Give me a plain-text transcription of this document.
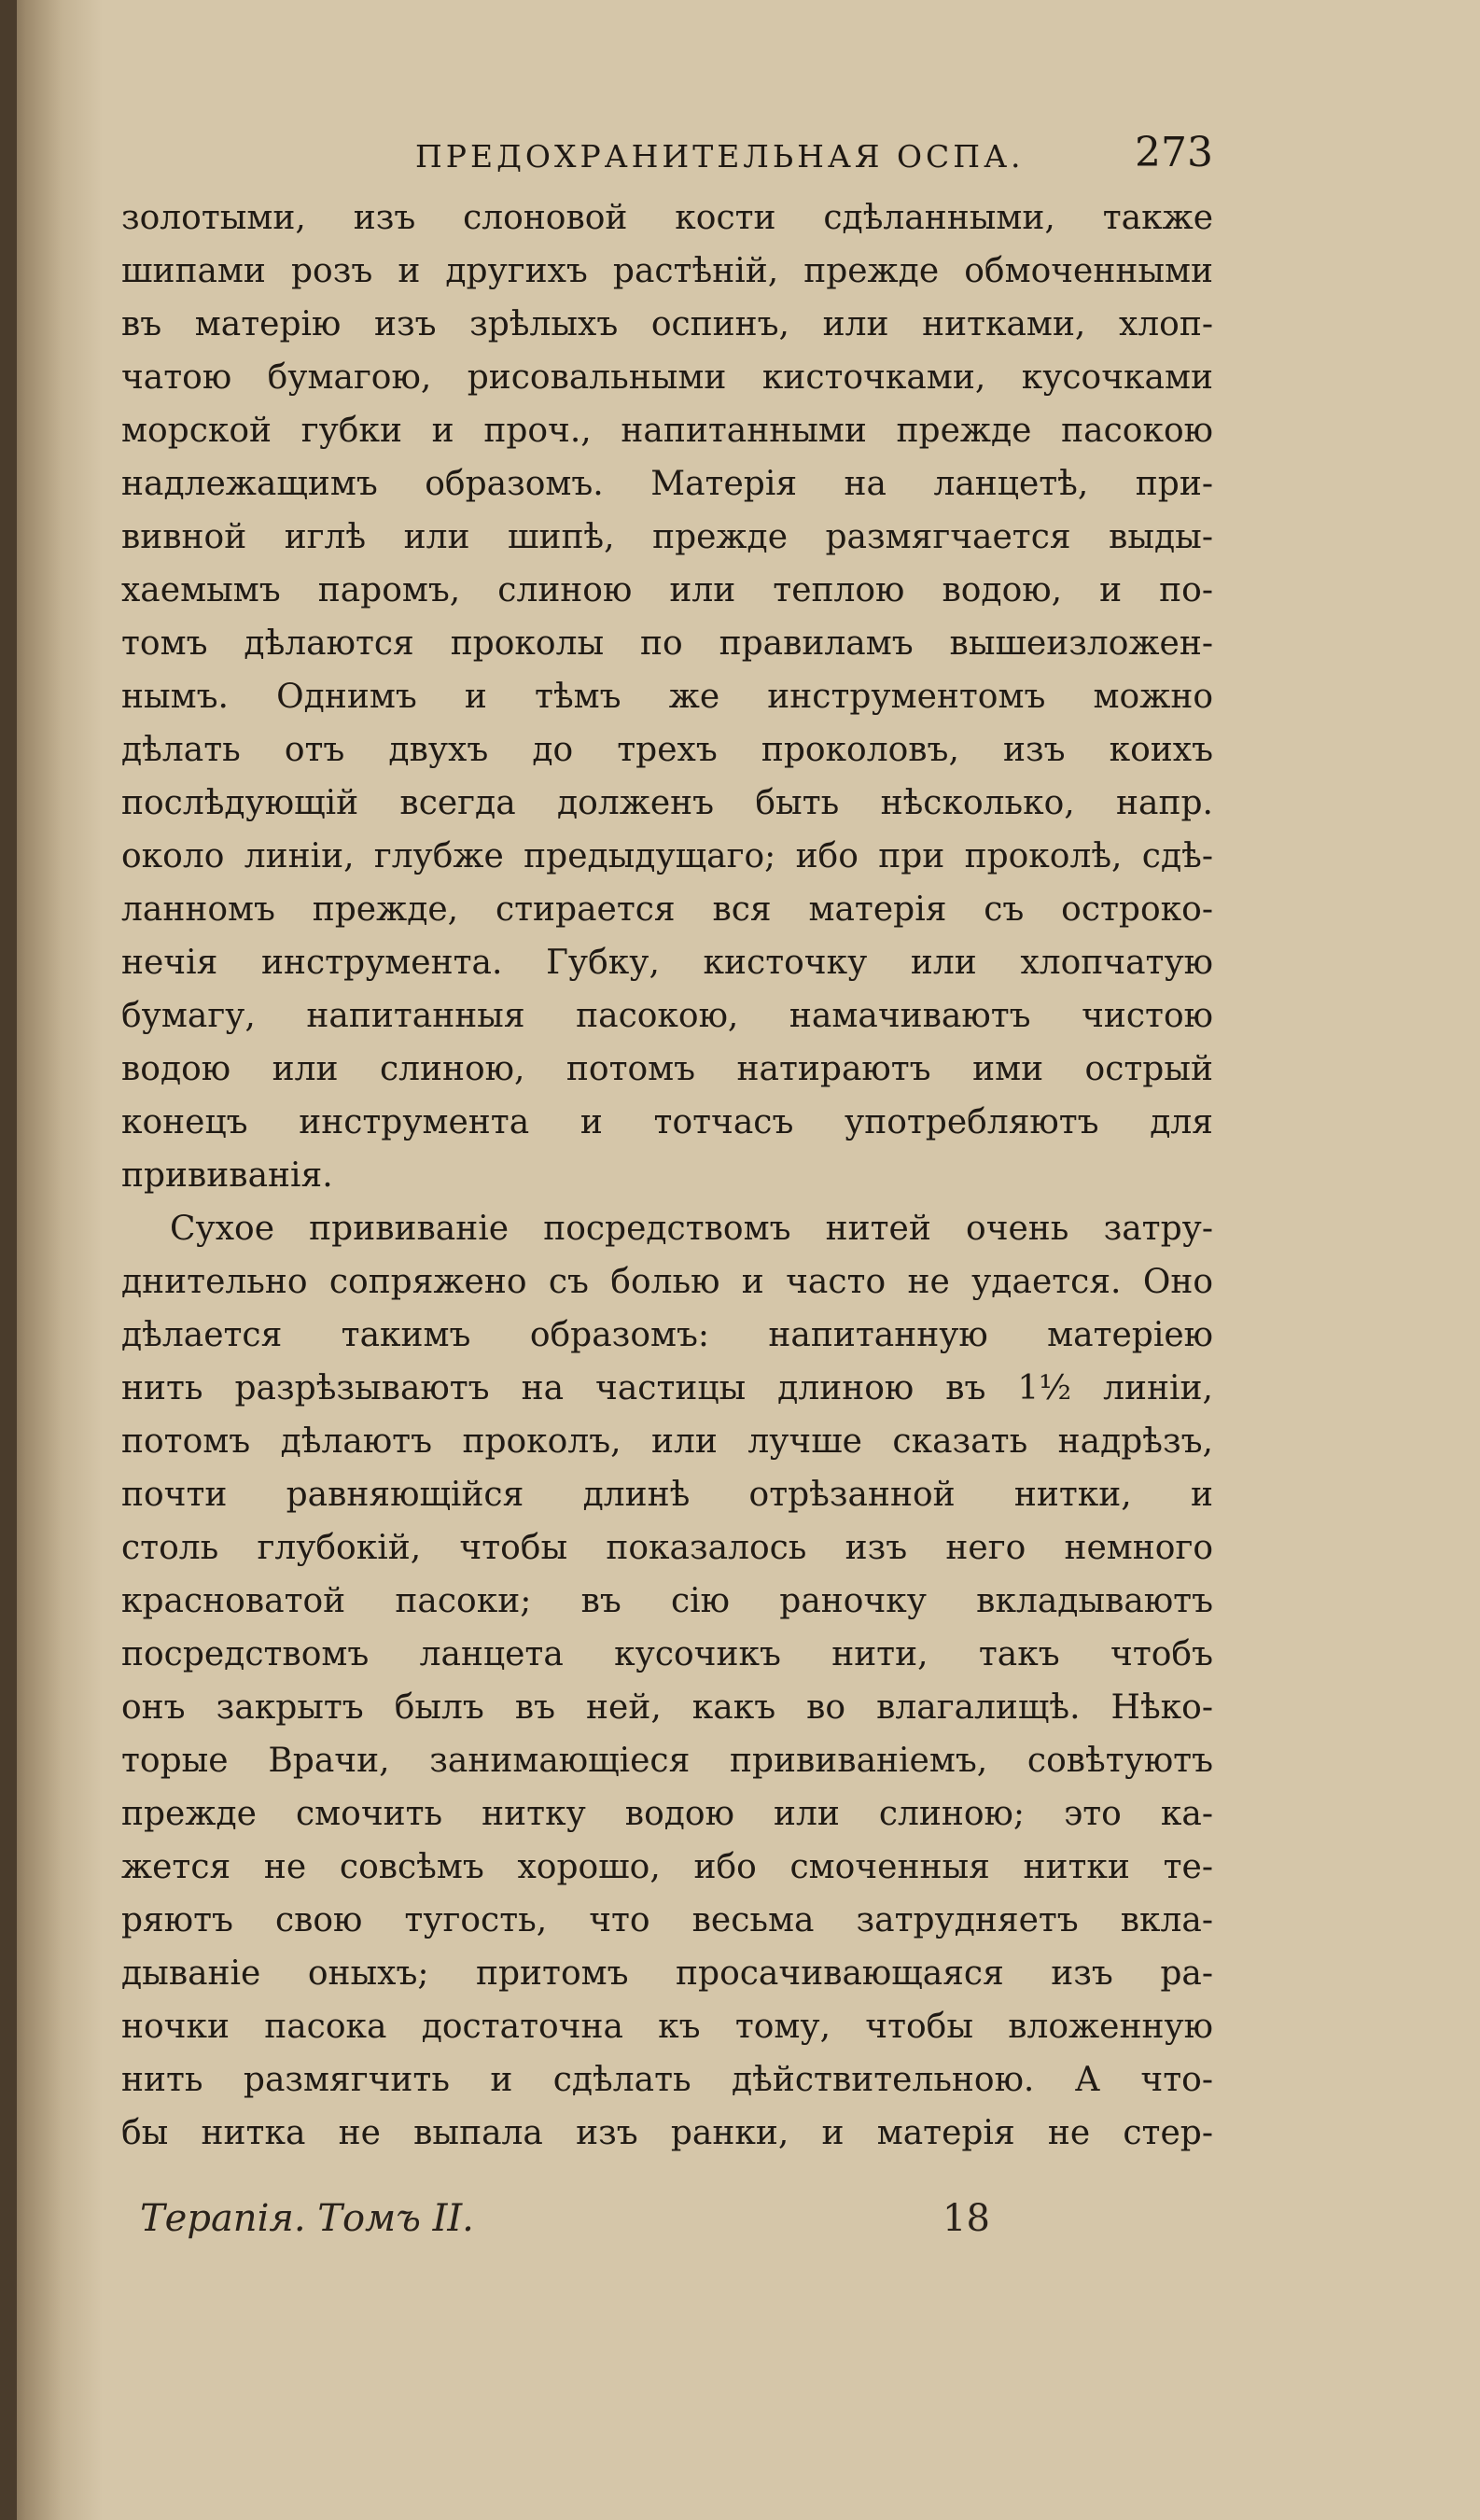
ПРЕДОХРАНИТЕЛЬНАЯ ОСПА.	273
золотыми, изъ слоновой кости сдѣланными, также
шипами розъ и другихъ растѣній, прежде обмоченными
въ матерію изъ зрѣлыхъ оспинъ, или нитками, хлоп-
чатою бумагою, рисовальными кисточками, кусочками
морской губки и проч., напитанными прежде пасокою
надлежащимъ образомъ. Матерія на ланцетѣ, при-
вивной иглѣ или шипѣ, прежде размягчается выды-
хаемымъ паромъ, слиною или теплою водою, и по-
томъ дѣлаются проколы по правиламъ вышеизложен-
нымъ. Однимъ и тѣмъ же инструментомъ можно
дѣлать отъ двухъ до трехъ проколовъ, изъ коихъ
послѣдующій всегда долженъ быть нѣсколько, напр.
около линіи, глубже предыдущаго; ибо при проколѣ, сдѣ-
ланномъ прежде, стирается вся матерія съ остроко-
нечія инструмента. Губку, кисточку или хлопчатую
бумагу, напитанныя пасокою, намачиваютъ чистою
водою или слиною, потомъ натираютъ ими острый
конецъ инструмента и тотчасъ употребляютъ для
прививанія.
Сухое прививаніе посредствомъ нитей очень затру-
днительно сопряжено съ болью и часто не удается. Оно
дѣлается такимъ образомъ: напитанную матеріею
нить разрѣзываютъ на частицы длиною въ 1½ линіи,
потомъ дѣлаютъ проколъ, или лучше сказать надрѣзъ,
почти равняющійся длинѣ отрѣзанной нитки, и
столь глубокій, чтобы показалось изъ него немного
красноватой пасоки; въ сію раночку вкладываютъ
посредствомъ ланцета кусочикъ нити, такъ чтобъ
онъ закрытъ былъ въ ней, какъ во влагалищѣ. Нѣко-
торые Врачи, занимающіеся прививаніемъ, совѣтуютъ
прежде смочить нитку водою или слиною; это ка-
жется не совсѣмъ хорошо, ибо смоченныя нитки те-
ряютъ свою тугость, что весьма затрудняетъ вкла-
дываніе оныхъ; притомъ просачивающаяся изъ ра-
ночки пасока достаточна къ тому, чтобы вложенную
нить размягчить и сдѣлать дѣйствительною. А что-
бы нитка не выпала изъ ранки, и матерія не стер-
Терапія. Томъ II.	18
